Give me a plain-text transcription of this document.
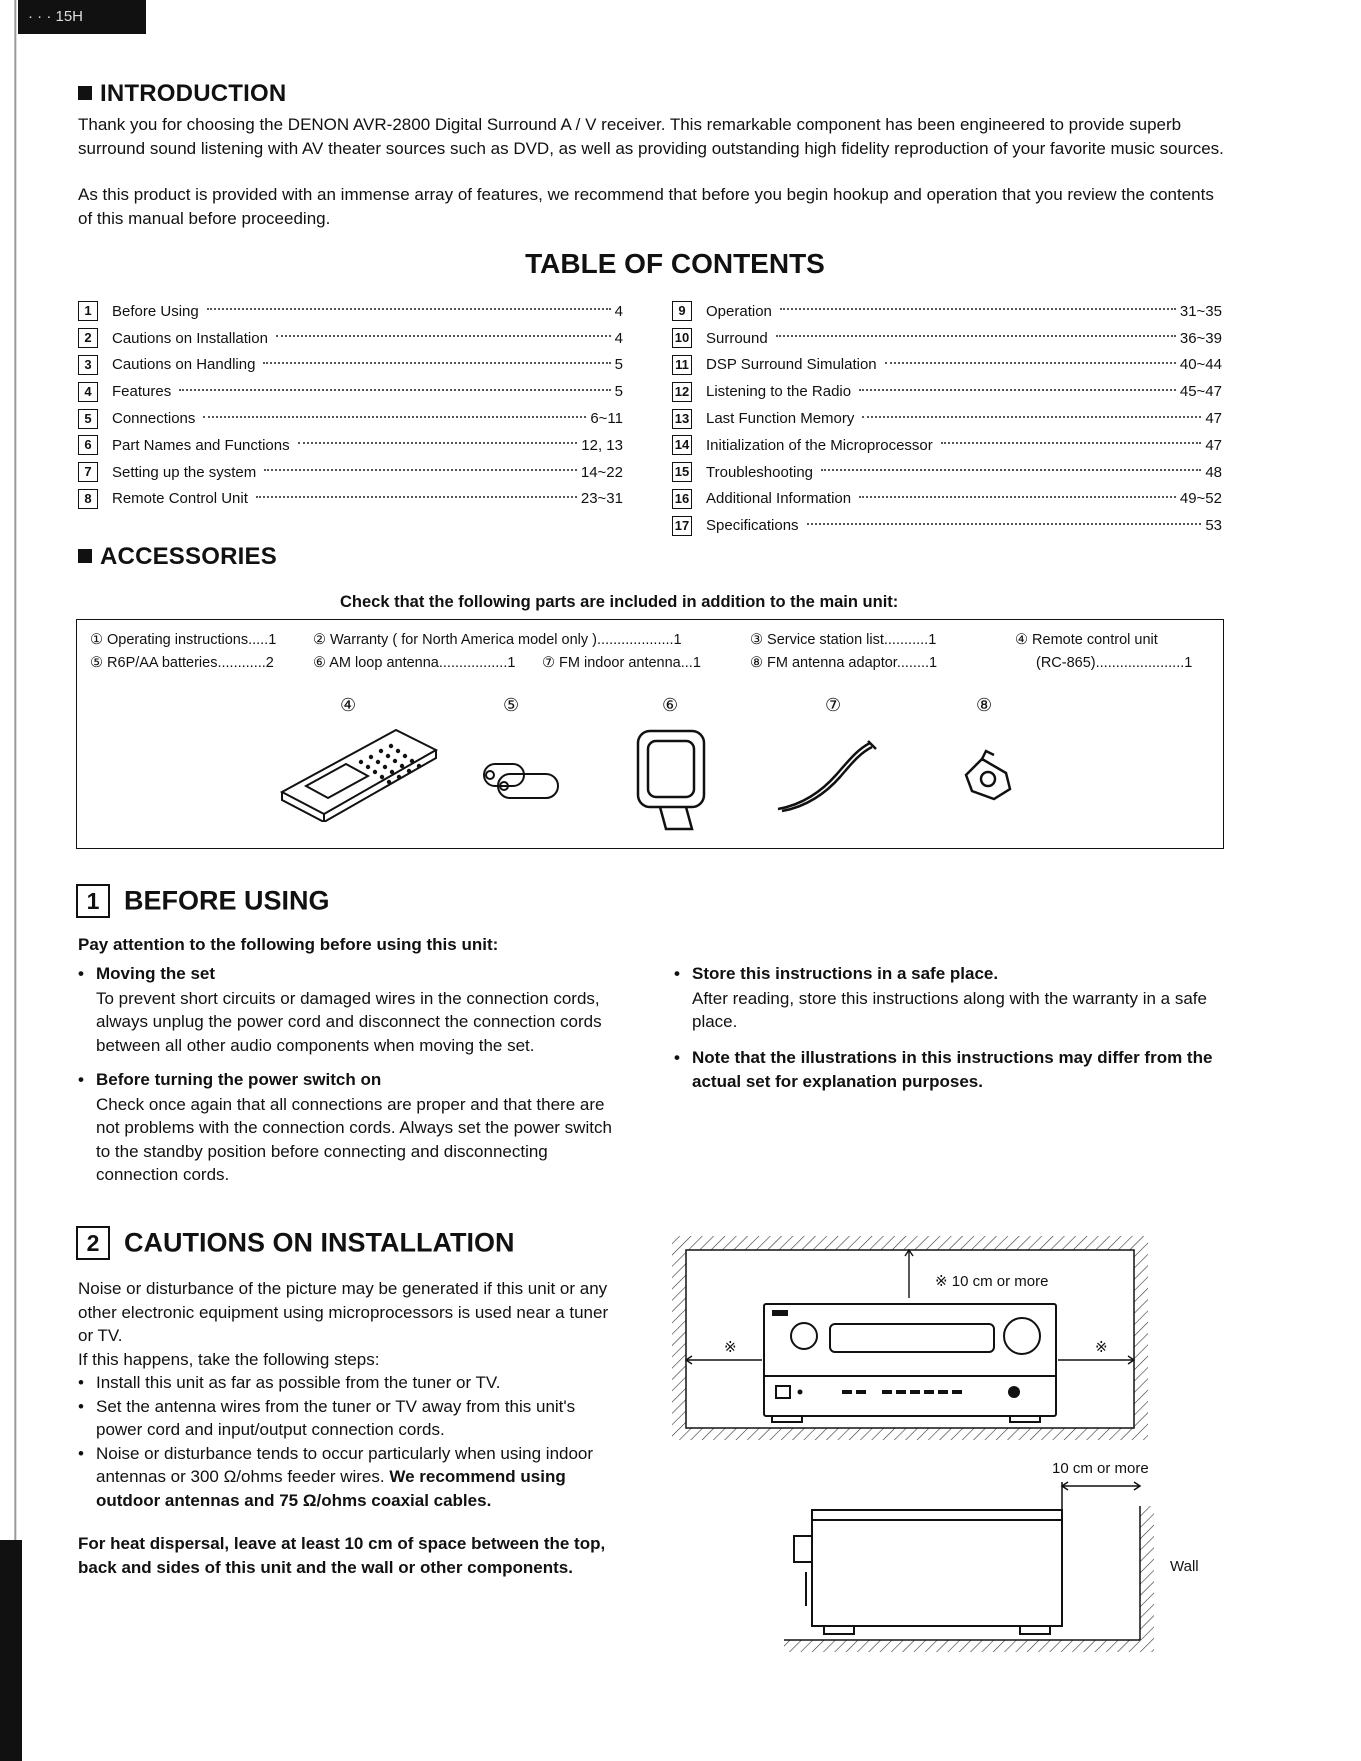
· · · 15H
INTRODUCTION

Thank you for choosing the DENON AVR-2800 Digital Surround A / V receiver. This remarkable component has been engineered to provide superb surround sound listening with AV theater sources such as DVD, as well as providing outstanding high fidelity reproduction of your favorite music sources.

As this product is provided with an immense array of features, we recommend that before you begin hookup and operation that you review the contents of this manual before proceeding.

TABLE OF CONTENTS
1	Before Using	4
2	Cautions on Installation	4
3	Cautions on Handling	5
4	Features	5
5	Connections	6~11
6	Part Names and Functions	12, 13
7	Setting up the system	14~22
8	Remote Control Unit	23~31
9	Operation	31~35
10 Surround	36~39
11 DSP Surround Simulation	40~44
12 Listening to the Radio	45~47
13 Last Function Memory	47
14 Initialization of the Microprocessor	47
15 Troubleshooting	48
16 Additional Information	49~52
17 Specifications	53
ACCESSORIES
Check that the following parts are included in addition to the main unit:
① Operating instructions.....1	② Warranty ( for North America model only )...................1	③ Service station list...........1	④ Remote control unit
⑤ R6P/AA batteries............2	⑥ AM loop antenna.................1 ⑦ FM indoor antenna...1	⑧ FM antenna adaptor........1	(RC-865)......................1
④	⑤	⑥	⑦	⑧
1 BEFORE USING
Pay attention to the following before using this unit:
• Moving the set

To prevent short circuits or damaged wires in the connection cords, always unplug the power cord and disconnect the connection cords between all other audio components when moving the set.

• Before turning the power switch on

Check once again that all connections are proper and that there are not problems with the connection cords. Always set the power switch to the standby position before connecting and disconnecting connection cords.

• Store this instructions in a safe place.

After reading, store this instructions along with the warranty in a safe place.

• Note that the illustrations in this instructions may differ from the actual set for explanation purposes.
2 CAUTIONS ON INSTALLATION

Noise or disturbance of the picture may be generated if this unit or any other electronic equipment using microprocessors is used near a tuner or TV.

If this happens, take the following steps:

• Install this unit as far as possible from the tuner or TV.
• Set the antenna wires from the tuner or TV away from this unit's power cord and input/output connection cords.
• Noise or disturbance tends to occur particularly when using indoor antennas or 300 Ω/ohms feeder wires. We recommend using outdoor antennas and 75 Ω/ohms coaxial cables.

For heat dispersal, leave at least 10 cm of space between the top, back and sides of this unit and the wall or other components.

※ 10 cm or more
※	※
10 cm or more
Wall
